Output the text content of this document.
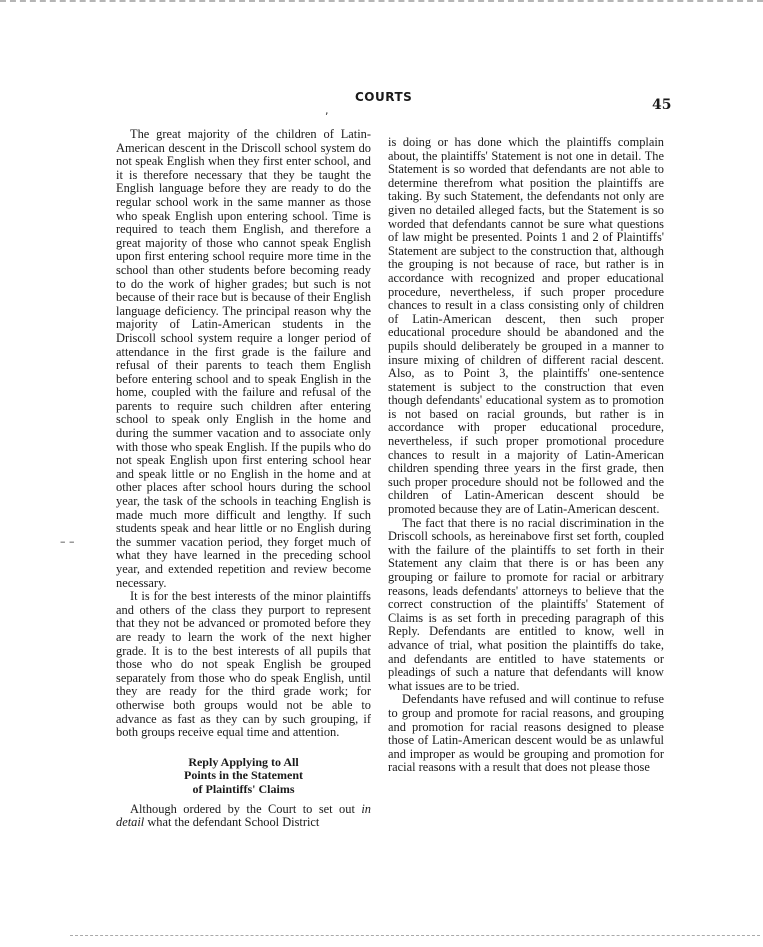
COURTS	45

The great majority of the children of Latin-American descent in the Driscoll school system do not speak English when they first enter school, and it is therefore necessary that they be taught the English language before they are ready to do the regular school work in the same manner as those who speak English upon entering school. Time is required to teach them English, and therefore a great majority of those who cannot speak English upon first entering school require more time in the school than other students before becoming ready to do the work of higher grades; but such is not because of their race but is because of their English language deficiency. The principal reason why the majority of Latin-American students in the Driscoll school system require a longer period of attendance in the first grade is the failure and refusal of their parents to teach them English before entering school and to speak English in the home, coupled with the failure and refusal of the parents to require such children after entering school to speak only English in the home and during the summer vacation and to associate only with those who speak English. If the pupils who do not speak English upon first entering school hear and speak little or no English in the home and at other places after school hours during the school year, the task of the schools in teaching English is made much more difficult and lengthy. If such students speak and hear little or no English during the summer vacation period, they forget much of what they have learned in the preceding school year, and extended repetition and review become necessary.

It is for the best interests of the minor plaintiffs and others of the class they purport to represent that they not be advanced or promoted before they are ready to learn the work of the next higher grade. It is to the best interests of all pupils that those who do not speak English be grouped separately from those who do speak English, until they are ready for the third grade work; for otherwise both groups would not be able to advance as fast as they can by such grouping, if both groups receive equal time and attention.

Reply Applying to All
Points in the Statement
of Plaintiffs' Claims

Although ordered by the Court to set out in detail what the defendant School District

is doing or has done which the plaintiffs complain about, the plaintiffs' Statement is not one in detail. The Statement is so worded that defendants are not able to determine therefrom what position the plaintiffs are taking. By such Statement, the defendants not only are given no detailed alleged facts, but the Statement is so worded that defendants cannot be sure what questions of law might be presented. Points 1 and 2 of Plaintiffs' Statement are subject to the construction that, although the grouping is not because of race, but rather is in accordance with recognized and proper educational procedure, nevertheless, if such proper procedure chances to result in a class consisting only of children of Latin-American descent, then such proper educational procedure should be abandoned and the pupils should deliberately be grouped in a manner to insure mixing of children of different racial descent. Also, as to Point 3, the plaintiffs' one-sentence statement is subject to the construction that even though defendants' educational system as to promotion is not based on racial grounds, but rather is in accordance with proper educational procedure, nevertheless, if such proper promotional procedure chances to result in a majority of Latin-American children spending three years in the first grade, then such proper procedure should not be followed and the children of Latin-American descent should be promoted because they are of Latin-American descent.

The fact that there is no racial discrimination in the Driscoll schools, as hereinabove first set forth, coupled with the failure of the plaintiffs to set forth in their Statement any claim that there is or has been any grouping or failure to promote for racial or arbitrary reasons, leads defendants' attorneys to believe that the correct construction of the plaintiffs' Statement of Claims is as set forth in preceding paragraph of this Reply. Defendants are entitled to know, well in advance of trial, what position the plaintiffs do take, and defendants are entitled to have statements or pleadings of such a nature that defendants will know what issues are to be tried.

Defendants have refused and will continue to refuse to group and promote for racial reasons, and grouping and promotion for racial reasons designed to please those of Latin-American descent would be as unlawful and improper as would be grouping and promotion for racial reasons with a result that does not please those

,
– –
